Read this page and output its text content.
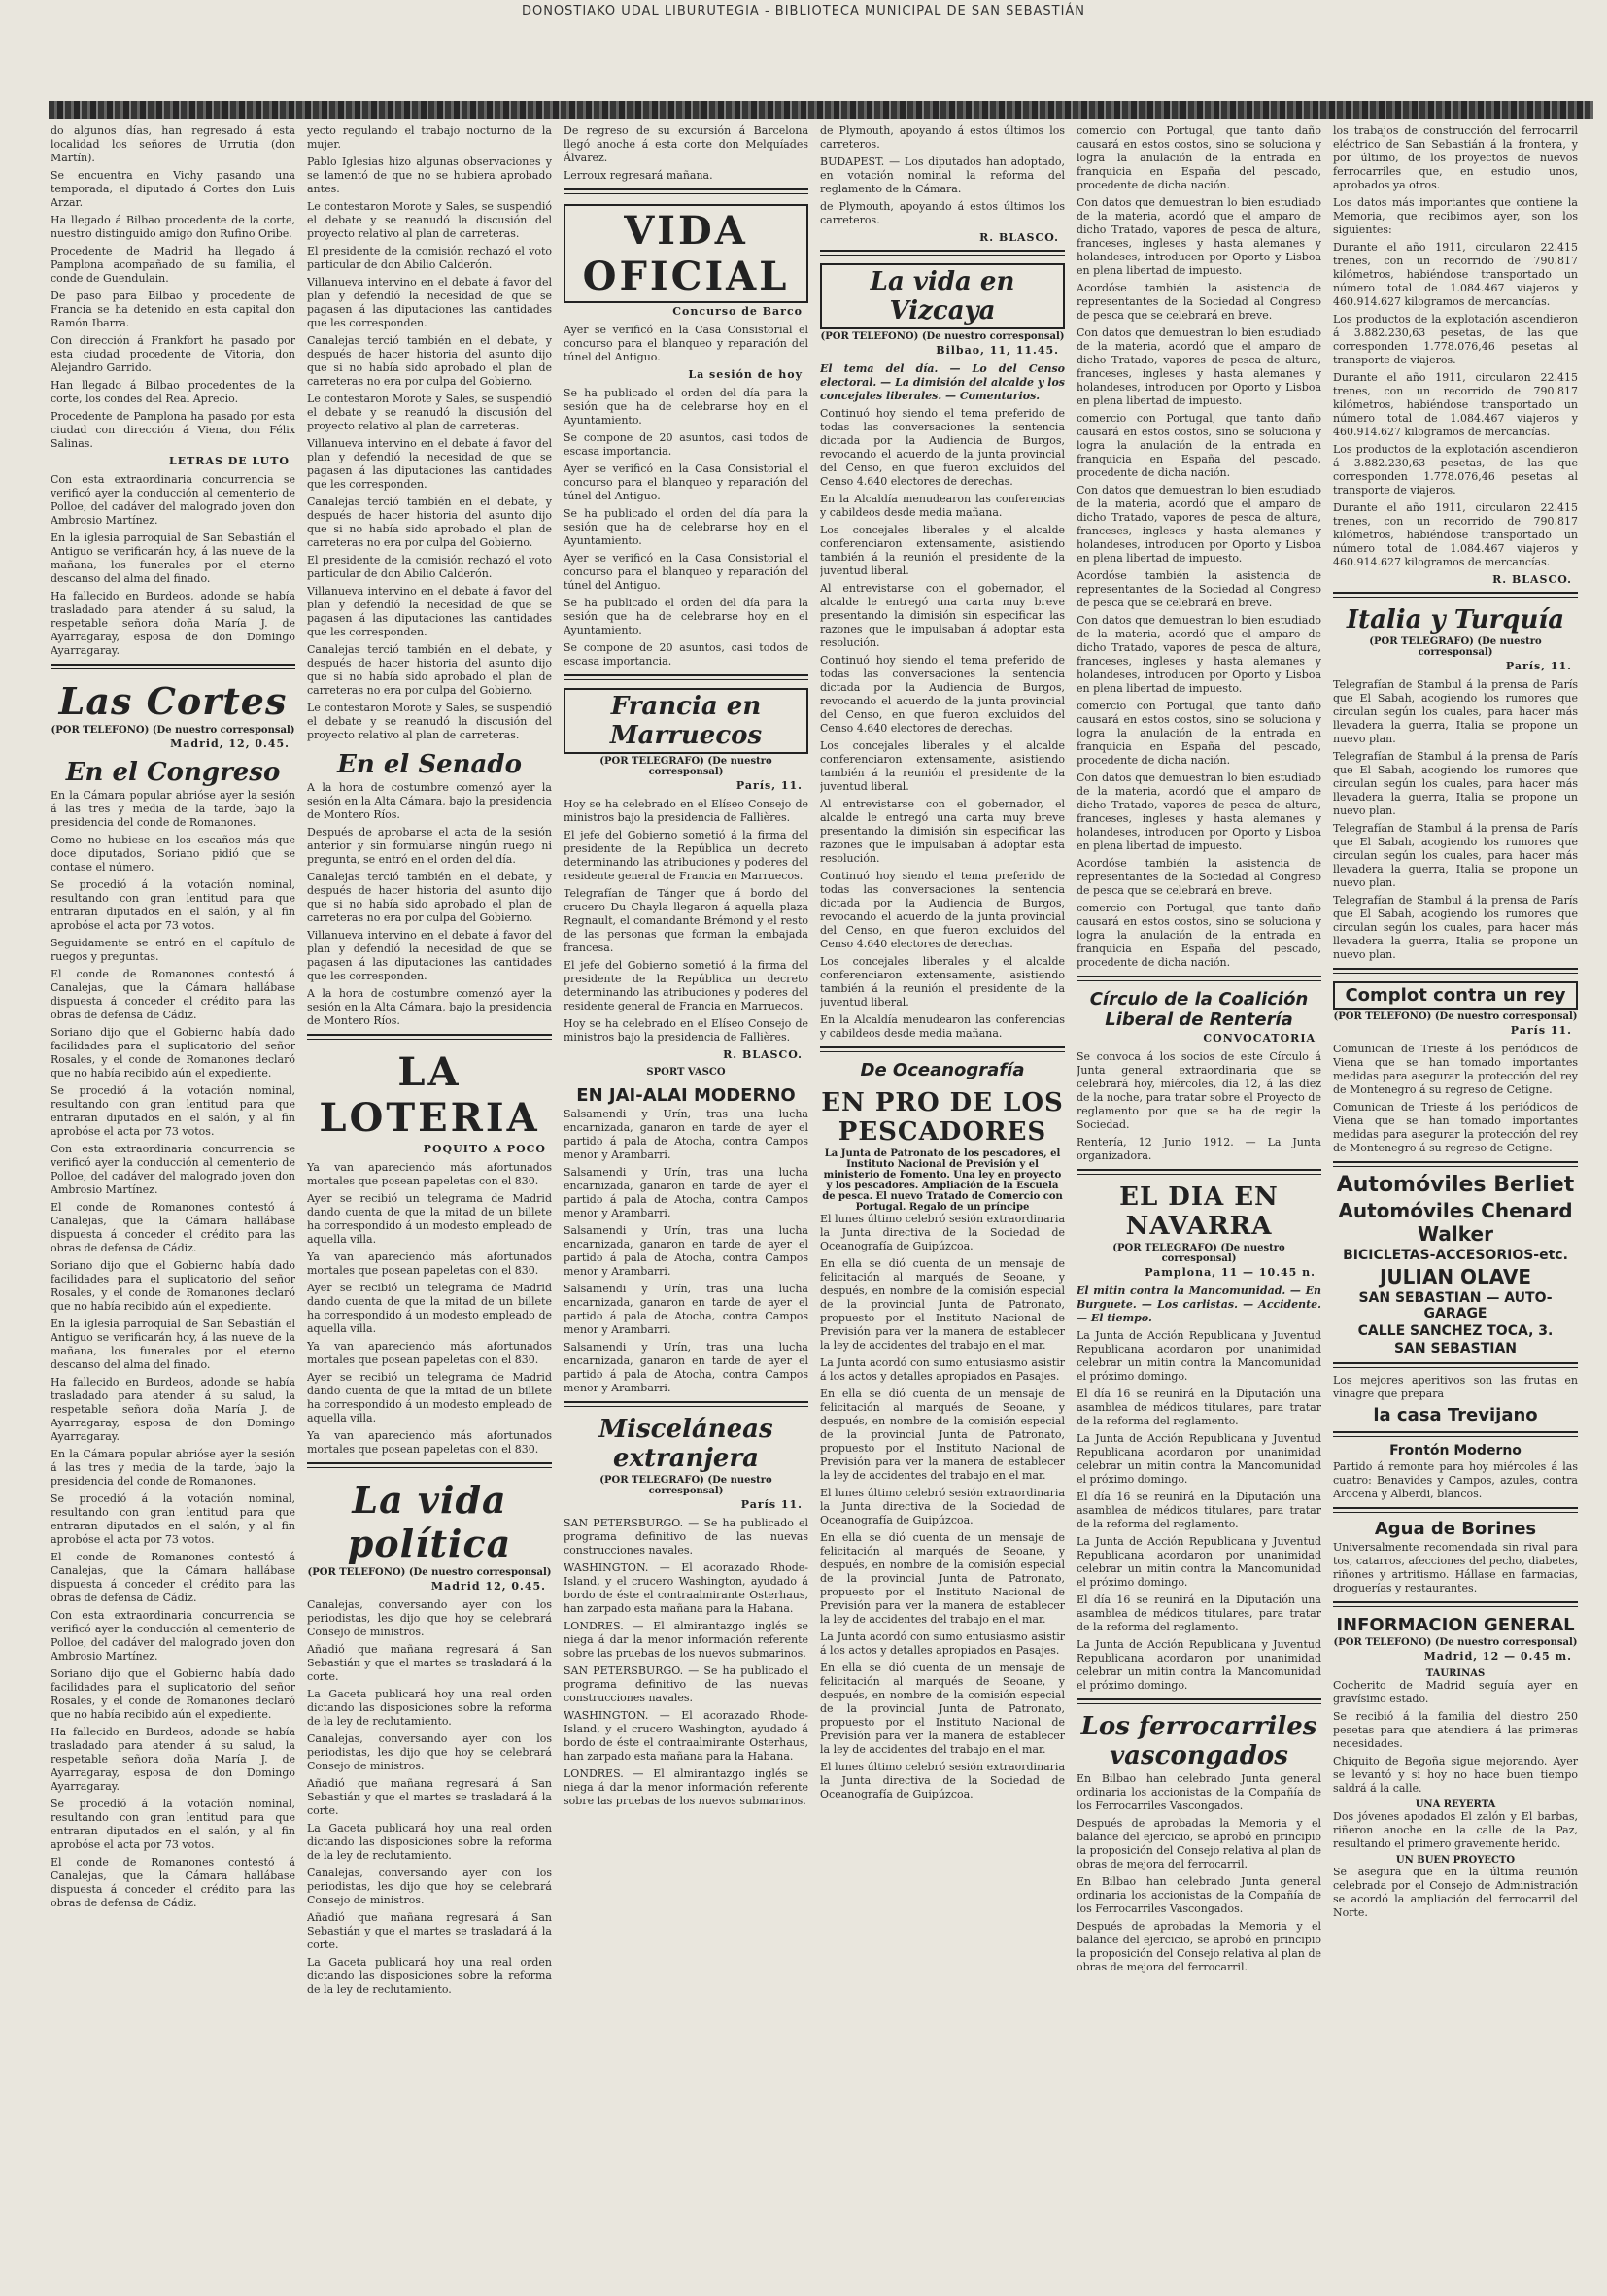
DONOSTIAKO UDAL LIBURUTEGIA - BIBLIOTECA MUNICIPAL DE SAN SEBASTIÁN

do algunos días, han regresado á esta localidad los señores de Urrutia (don Martín).

Se encuentra en Vichy pasando una temporada, el diputado á Cortes don Luis Arzar.

Ha llegado á Bilbao procedente de la corte, nuestro distinguido amigo don Rufino Oribe.

Procedente de Madrid ha llegado á Pamplona acompañado de su familia, el conde de Guendulain.

De paso para Bilbao y procedente de Francia se ha detenido en esta capital don Ramón Ibarra.

Con dirección á Frankfort ha pasado por esta ciudad procedente de Vitoria, don Alejandro Garrido.

Han llegado á Bilbao procedentes de la corte, los condes del Real Aprecio.

Procedente de Pamplona ha pasado por esta ciudad con dirección á Viena, don Félix Salinas.

LETRAS DE LUTO

Con esta extraordinaria concurrencia se verificó ayer la conducción al cementerio de Polloe, del cadáver del malogrado joven don Ambrosio Martínez.

En la iglesia parroquial de San Sebastián el Antiguo se verificarán hoy, á las nueve de la mañana, los funerales por el eterno descanso del alma del finado.

Ha fallecido en Burdeos, adonde se había trasladado para atender á su salud, la respetable señora doña María J. de Ayarragaray, esposa de don Domingo Ayarragaray.

Las Cortes

(POR TELEFONO) (De nuestro corresponsal)

Madrid, 12, 0.45.

En el Congreso

En la Cámara popular abrióse ayer la sesión á las tres y media de la tarde, bajo la presidencia del conde de Romanones.

Como no hubiese en los escaños más que doce diputados, Soriano pidió que se contase el número.

Se procedió á la votación nominal, resultando con gran lentitud para que entraran diputados en el salón, y al fin aprobóse el acta por 73 votos.

Seguidamente se entró en el capítulo de ruegos y preguntas.

El conde de Romanones contestó á Canalejas, que la Cámara hallábase dispuesta á conceder el crédito para las obras de defensa de Cádiz.

Soriano dijo que el Gobierno había dado facilidades para el suplicatorio del señor Rosales, y el conde de Romanones declaró que no había recibido aún el expediente.

Se procedió á la votación nominal, resultando con gran lentitud para que entraran diputados en el salón, y al fin aprobóse el acta por 73 votos.

Con esta extraordinaria concurrencia se verificó ayer la conducción al cementerio de Polloe, del cadáver del malogrado joven don Ambrosio Martínez.

El conde de Romanones contestó á Canalejas, que la Cámara hallábase dispuesta á conceder el crédito para las obras de defensa de Cádiz.

Soriano dijo que el Gobierno había dado facilidades para el suplicatorio del señor Rosales, y el conde de Romanones declaró que no había recibido aún el expediente.

En la iglesia parroquial de San Sebastián el Antiguo se verificarán hoy, á las nueve de la mañana, los funerales por el eterno descanso del alma del finado.

Ha fallecido en Burdeos, adonde se había trasladado para atender á su salud, la respetable señora doña María J. de Ayarragaray, esposa de don Domingo Ayarragaray.

En la Cámara popular abrióse ayer la sesión á las tres y media de la tarde, bajo la presidencia del conde de Romanones.

Se procedió á la votación nominal, resultando con gran lentitud para que entraran diputados en el salón, y al fin aprobóse el acta por 73 votos.

El conde de Romanones contestó á Canalejas, que la Cámara hallábase dispuesta á conceder el crédito para las obras de defensa de Cádiz.

Con esta extraordinaria concurrencia se verificó ayer la conducción al cementerio de Polloe, del cadáver del malogrado joven don Ambrosio Martínez.

Soriano dijo que el Gobierno había dado facilidades para el suplicatorio del señor Rosales, y el conde de Romanones declaró que no había recibido aún el expediente.

Ha fallecido en Burdeos, adonde se había trasladado para atender á su salud, la respetable señora doña María J. de Ayarragaray, esposa de don Domingo Ayarragaray.

Se procedió á la votación nominal, resultando con gran lentitud para que entraran diputados en el salón, y al fin aprobóse el acta por 73 votos.

El conde de Romanones contestó á Canalejas, que la Cámara hallábase dispuesta á conceder el crédito para las obras de defensa de Cádiz.

yecto regulando el trabajo nocturno de la mujer.

Pablo Iglesias hizo algunas observaciones y se lamentó de que no se hubiera aprobado antes.

Le contestaron Morote y Sales, se suspendió el debate y se reanudó la discusión del proyecto relativo al plan de carreteras.

El presidente de la comisión rechazó el voto particular de don Abilio Calderón.

Villanueva intervino en el debate á favor del plan y defendió la necesidad de que se pagasen á las diputaciones las cantidades que les corresponden.

Canalejas terció también en el debate, y después de hacer historia del asunto dijo que si no había sido aprobado el plan de carreteras no era por culpa del Gobierno.

Le contestaron Morote y Sales, se suspendió el debate y se reanudó la discusión del proyecto relativo al plan de carreteras.

Villanueva intervino en el debate á favor del plan y defendió la necesidad de que se pagasen á las diputaciones las cantidades que les corresponden.

Canalejas terció también en el debate, y después de hacer historia del asunto dijo que si no había sido aprobado el plan de carreteras no era por culpa del Gobierno.

El presidente de la comisión rechazó el voto particular de don Abilio Calderón.

Villanueva intervino en el debate á favor del plan y defendió la necesidad de que se pagasen á las diputaciones las cantidades que les corresponden.

Canalejas terció también en el debate, y después de hacer historia del asunto dijo que si no había sido aprobado el plan de carreteras no era por culpa del Gobierno.

Le contestaron Morote y Sales, se suspendió el debate y se reanudó la discusión del proyecto relativo al plan de carreteras.

En el Senado

A la hora de costumbre comenzó ayer la sesión en la Alta Cámara, bajo la presidencia de Montero Ríos.

Después de aprobarse el acta de la sesión anterior y sin formularse ningún ruego ni pregunta, se entró en el orden del día.

Canalejas terció también en el debate, y después de hacer historia del asunto dijo que si no había sido aprobado el plan de carreteras no era por culpa del Gobierno.

Villanueva intervino en el debate á favor del plan y defendió la necesidad de que se pagasen á las diputaciones las cantidades que les corresponden.

A la hora de costumbre comenzó ayer la sesión en la Alta Cámara, bajo la presidencia de Montero Ríos.

LA LOTERIA

POQUITO A POCO

Ya van apareciendo más afortunados mortales que posean papeletas con el 830.

Ayer se recibió un telegrama de Madrid dando cuenta de que la mitad de un billete ha correspondido á un modesto empleado de aquella villa.

Ya van apareciendo más afortunados mortales que posean papeletas con el 830.

Ayer se recibió un telegrama de Madrid dando cuenta de que la mitad de un billete ha correspondido á un modesto empleado de aquella villa.

Ya van apareciendo más afortunados mortales que posean papeletas con el 830.

Ayer se recibió un telegrama de Madrid dando cuenta de que la mitad de un billete ha correspondido á un modesto empleado de aquella villa.

Ya van apareciendo más afortunados mortales que posean papeletas con el 830.

La vida política

(POR TELEFONO) (De nuestro corresponsal)

Madrid 12, 0.45.

Canalejas, conversando ayer con los periodistas, les dijo que hoy se celebrará Consejo de ministros.

Añadió que mañana regresará á San Sebastián y que el martes se trasladará á la corte.

La Gaceta publicará hoy una real orden dictando las disposiciones sobre la reforma de la ley de reclutamiento.

Canalejas, conversando ayer con los periodistas, les dijo que hoy se celebrará Consejo de ministros.

Añadió que mañana regresará á San Sebastián y que el martes se trasladará á la corte.

La Gaceta publicará hoy una real orden dictando las disposiciones sobre la reforma de la ley de reclutamiento.

Canalejas, conversando ayer con los periodistas, les dijo que hoy se celebrará Consejo de ministros.

Añadió que mañana regresará á San Sebastián y que el martes se trasladará á la corte.

La Gaceta publicará hoy una real orden dictando las disposiciones sobre la reforma de la ley de reclutamiento.

De regreso de su excursión á Barcelona llegó anoche á esta corte don Melquíades Álvarez.

Lerroux regresará mañana.

VIDA OFICIAL

Concurso de Barco

Ayer se verificó en la Casa Consistorial el concurso para el blanqueo y reparación del túnel del Antiguo.

La sesión de hoy

Se ha publicado el orden del día para la sesión que ha de celebrarse hoy en el Ayuntamiento.

Se compone de 20 asuntos, casi todos de escasa importancia.

Ayer se verificó en la Casa Consistorial el concurso para el blanqueo y reparación del túnel del Antiguo.

Se ha publicado el orden del día para la sesión que ha de celebrarse hoy en el Ayuntamiento.

Ayer se verificó en la Casa Consistorial el concurso para el blanqueo y reparación del túnel del Antiguo.

Se ha publicado el orden del día para la sesión que ha de celebrarse hoy en el Ayuntamiento.

Se compone de 20 asuntos, casi todos de escasa importancia.

Francia en Marruecos

(POR TELEGRAFO) (De nuestro corresponsal)

París, 11.

Hoy se ha celebrado en el Elíseo Consejo de ministros bajo la presidencia de Fallières.

El jefe del Gobierno sometió á la firma del presidente de la República un decreto determinando las atribuciones y poderes del residente general de Francia en Marruecos.

Telegrafían de Tánger que á bordo del crucero Du Chayla llegaron á aquella plaza Regnault, el comandante Brémond y el resto de las personas que forman la embajada francesa.

El jefe del Gobierno sometió á la firma del presidente de la República un decreto determinando las atribuciones y poderes del residente general de Francia en Marruecos.

Hoy se ha celebrado en el Elíseo Consejo de ministros bajo la presidencia de Fallières.

R. BLASCO.

SPORT VASCO

EN JAI-ALAI MODERNO

Salsamendi y Urín, tras una lucha encarnizada, ganaron en tarde de ayer el partido á pala de Atocha, contra Campos menor y Arambarri.

Salsamendi y Urín, tras una lucha encarnizada, ganaron en tarde de ayer el partido á pala de Atocha, contra Campos menor y Arambarri.

Salsamendi y Urín, tras una lucha encarnizada, ganaron en tarde de ayer el partido á pala de Atocha, contra Campos menor y Arambarri.

Salsamendi y Urín, tras una lucha encarnizada, ganaron en tarde de ayer el partido á pala de Atocha, contra Campos menor y Arambarri.

Salsamendi y Urín, tras una lucha encarnizada, ganaron en tarde de ayer el partido á pala de Atocha, contra Campos menor y Arambarri.

Misceláneas extranjera

(POR TELEGRAFO) (De nuestro corresponsal)

París 11.

SAN PETERSBURGO. — Se ha publicado el programa definitivo de las nuevas construcciones navales.

WASHINGTON. — El acorazado Rhode-Island, y el crucero Washington, ayudado á bordo de éste el contraalmirante Osterhaus, han zarpado esta mañana para la Habana.

LONDRES. — El almirantazgo inglés se niega á dar la menor información referente sobre las pruebas de los nuevos submarinos.

SAN PETERSBURGO. — Se ha publicado el programa definitivo de las nuevas construcciones navales.

WASHINGTON. — El acorazado Rhode-Island, y el crucero Washington, ayudado á bordo de éste el contraalmirante Osterhaus, han zarpado esta mañana para la Habana.

LONDRES. — El almirantazgo inglés se niega á dar la menor información referente sobre las pruebas de los nuevos submarinos.

de Plymouth, apoyando á estos últimos los carreteros.

BUDAPEST. — Los diputados han adoptado, en votación nominal la reforma del reglamento de la Cámara.

de Plymouth, apoyando á estos últimos los carreteros.

R. BLASCO.

La vida en Vizcaya

(POR TELEFONO) (De nuestro corresponsal)

Bilbao, 11, 11.45.

El tema del día. — Lo del Censo electoral. — La dimisión del alcalde y los concejales liberales. — Comentarios.

Continuó hoy siendo el tema preferido de todas las conversaciones la sentencia dictada por la Audiencia de Burgos, revocando el acuerdo de la junta provincial del Censo, en que fueron excluidos del Censo 4.640 electores de derechas.

En la Alcaldía menudearon las conferencias y cabildeos desde media mañana.

Los concejales liberales y el alcalde conferenciaron extensamente, asistiendo también á la reunión el presidente de la juventud liberal.

Al entrevistarse con el gobernador, el alcalde le entregó una carta muy breve presentando la dimisión sin especificar las razones que le impulsaban á adoptar esta resolución.

Continuó hoy siendo el tema preferido de todas las conversaciones la sentencia dictada por la Audiencia de Burgos, revocando el acuerdo de la junta provincial del Censo, en que fueron excluidos del Censo 4.640 electores de derechas.

Los concejales liberales y el alcalde conferenciaron extensamente, asistiendo también á la reunión el presidente de la juventud liberal.

Al entrevistarse con el gobernador, el alcalde le entregó una carta muy breve presentando la dimisión sin especificar las razones que le impulsaban á adoptar esta resolución.

Continuó hoy siendo el tema preferido de todas las conversaciones la sentencia dictada por la Audiencia de Burgos, revocando el acuerdo de la junta provincial del Censo, en que fueron excluidos del Censo 4.640 electores de derechas.

Los concejales liberales y el alcalde conferenciaron extensamente, asistiendo también á la reunión el presidente de la juventud liberal.

En la Alcaldía menudearon las conferencias y cabildeos desde media mañana.

De Oceanografía
EN PRO DE LOS PESCADORES

La Junta de Patronato de los pescadores, el Instituto Nacional de Previsión y el ministerio de Fomento. Una ley en proyecto y los pescadores. Ampliación de la Escuela de pesca. El nuevo Tratado de Comercio con Portugal. Regalo de un príncipe

El lunes último celebró sesión extraordinaria la Junta directiva de la Sociedad de Oceanografía de Guipúzcoa.

En ella se dió cuenta de un mensaje de felicitación al marqués de Seoane, y después, en nombre de la comisión especial de la provincial Junta de Patronato, propuesto por el Instituto Nacional de Previsión para ver la manera de establecer la ley de accidentes del trabajo en el mar.

La Junta acordó con sumo entusiasmo asistir á los actos y detalles apropiados en Pasajes.

En ella se dió cuenta de un mensaje de felicitación al marqués de Seoane, y después, en nombre de la comisión especial de la provincial Junta de Patronato, propuesto por el Instituto Nacional de Previsión para ver la manera de establecer la ley de accidentes del trabajo en el mar.

El lunes último celebró sesión extraordinaria la Junta directiva de la Sociedad de Oceanografía de Guipúzcoa.

En ella se dió cuenta de un mensaje de felicitación al marqués de Seoane, y después, en nombre de la comisión especial de la provincial Junta de Patronato, propuesto por el Instituto Nacional de Previsión para ver la manera de establecer la ley de accidentes del trabajo en el mar.

La Junta acordó con sumo entusiasmo asistir á los actos y detalles apropiados en Pasajes.

En ella se dió cuenta de un mensaje de felicitación al marqués de Seoane, y después, en nombre de la comisión especial de la provincial Junta de Patronato, propuesto por el Instituto Nacional de Previsión para ver la manera de establecer la ley de accidentes del trabajo en el mar.

El lunes último celebró sesión extraordinaria la Junta directiva de la Sociedad de Oceanografía de Guipúzcoa.

comercio con Portugal, que tanto daño causará en estos costos, sino se soluciona y logra la anulación de la entrada en franquicia en España del pescado, procedente de dicha nación.

Con datos que demuestran lo bien estudiado de la materia, acordó que el amparo de dicho Tratado, vapores de pesca de altura, franceses, ingleses y hasta alemanes y holandeses, introducen por Oporto y Lisboa en plena libertad de impuesto.

Acordóse también la asistencia de representantes de la Sociedad al Congreso de pesca que se celebrará en breve.

Con datos que demuestran lo bien estudiado de la materia, acordó que el amparo de dicho Tratado, vapores de pesca de altura, franceses, ingleses y hasta alemanes y holandeses, introducen por Oporto y Lisboa en plena libertad de impuesto.

comercio con Portugal, que tanto daño causará en estos costos, sino se soluciona y logra la anulación de la entrada en franquicia en España del pescado, procedente de dicha nación.

Con datos que demuestran lo bien estudiado de la materia, acordó que el amparo de dicho Tratado, vapores de pesca de altura, franceses, ingleses y hasta alemanes y holandeses, introducen por Oporto y Lisboa en plena libertad de impuesto.

Acordóse también la asistencia de representantes de la Sociedad al Congreso de pesca que se celebrará en breve.

Con datos que demuestran lo bien estudiado de la materia, acordó que el amparo de dicho Tratado, vapores de pesca de altura, franceses, ingleses y hasta alemanes y holandeses, introducen por Oporto y Lisboa en plena libertad de impuesto.

comercio con Portugal, que tanto daño causará en estos costos, sino se soluciona y logra la anulación de la entrada en franquicia en España del pescado, procedente de dicha nación.

Con datos que demuestran lo bien estudiado de la materia, acordó que el amparo de dicho Tratado, vapores de pesca de altura, franceses, ingleses y hasta alemanes y holandeses, introducen por Oporto y Lisboa en plena libertad de impuesto.

Acordóse también la asistencia de representantes de la Sociedad al Congreso de pesca que se celebrará en breve.

comercio con Portugal, que tanto daño causará en estos costos, sino se soluciona y logra la anulación de la entrada en franquicia en España del pescado, procedente de dicha nación.

Círculo de la Coalición Liberal de Rentería

CONVOCATORIA

Se convoca á los socios de este Círculo á Junta general extraordinaria que se celebrará hoy, miércoles, día 12, á las diez de la noche, para tratar sobre el Proyecto de reglamento por que se ha de regir la Sociedad.

Rentería, 12 Junio 1912. — La Junta organizadora.

EL DIA EN NAVARRA

(POR TELEGRAFO) (De nuestro corresponsal)

Pamplona, 11 — 10.45 n.

El mitin contra la Mancomunidad. — En Burguete. — Los carlistas. — Accidente. — El tiempo.

La Junta de Acción Republicana y Juventud Republicana acordaron por unanimidad celebrar un mitin contra la Mancomunidad el próximo domingo.

El día 16 se reunirá en la Diputación una asamblea de médicos titulares, para tratar de la reforma del reglamento.

La Junta de Acción Republicana y Juventud Republicana acordaron por unanimidad celebrar un mitin contra la Mancomunidad el próximo domingo.

El día 16 se reunirá en la Diputación una asamblea de médicos titulares, para tratar de la reforma del reglamento.

La Junta de Acción Republicana y Juventud Republicana acordaron por unanimidad celebrar un mitin contra la Mancomunidad el próximo domingo.

El día 16 se reunirá en la Diputación una asamblea de médicos titulares, para tratar de la reforma del reglamento.

La Junta de Acción Republicana y Juventud Republicana acordaron por unanimidad celebrar un mitin contra la Mancomunidad el próximo domingo.

Los ferrocarriles vascongados

En Bilbao han celebrado Junta general ordinaria los accionistas de la Compañía de los Ferrocarriles Vascongados.

Después de aprobadas la Memoria y el balance del ejercicio, se aprobó en principio la proposición del Consejo relativa al plan de obras de mejora del ferrocarril.

En Bilbao han celebrado Junta general ordinaria los accionistas de la Compañía de los Ferrocarriles Vascongados.

Después de aprobadas la Memoria y el balance del ejercicio, se aprobó en principio la proposición del Consejo relativa al plan de obras de mejora del ferrocarril.

los trabajos de construcción del ferrocarril eléctrico de San Sebastián á la frontera, y por último, de los proyectos de nuevos ferrocarriles que, en estudio unos, aprobados ya otros.

Los datos más importantes que contiene la Memoria, que recibimos ayer, son los siguientes:

Durante el año 1911, circularon 22.415 trenes, con un recorrido de 790.817 kilómetros, habiéndose transportado un número total de 1.084.467 viajeros y 460.914.627 kilogramos de mercancías.

Los productos de la explotación ascendieron á 3.882.230,63 pesetas, de las que corresponden 1.778.076,46 pesetas al transporte de viajeros.

Durante el año 1911, circularon 22.415 trenes, con un recorrido de 790.817 kilómetros, habiéndose transportado un número total de 1.084.467 viajeros y 460.914.627 kilogramos de mercancías.

Los productos de la explotación ascendieron á 3.882.230,63 pesetas, de las que corresponden 1.778.076,46 pesetas al transporte de viajeros.

Durante el año 1911, circularon 22.415 trenes, con un recorrido de 790.817 kilómetros, habiéndose transportado un número total de 1.084.467 viajeros y 460.914.627 kilogramos de mercancías.

R. BLASCO.

Italia y Turquía

(POR TELEGRAFO) (De nuestro corresponsal)

París, 11.

Telegrafían de Stambul á la prensa de París que El Sabah, acogiendo los rumores que circulan según los cuales, para hacer más llevadera la guerra, Italia se propone un nuevo plan.

Telegrafían de Stambul á la prensa de París que El Sabah, acogiendo los rumores que circulan según los cuales, para hacer más llevadera la guerra, Italia se propone un nuevo plan.

Telegrafían de Stambul á la prensa de París que El Sabah, acogiendo los rumores que circulan según los cuales, para hacer más llevadera la guerra, Italia se propone un nuevo plan.

Telegrafían de Stambul á la prensa de París que El Sabah, acogiendo los rumores que circulan según los cuales, para hacer más llevadera la guerra, Italia se propone un nuevo plan.

Complot contra un rey

(POR TELEFONO) (De nuestro corresponsal)

París 11.

Comunican de Trieste á los periódicos de Viena que se han tomado importantes medidas para asegurar la protección del rey de Montenegro á su regreso de Cetigne.

Comunican de Trieste á los periódicos de Viena que se han tomado importantes medidas para asegurar la protección del rey de Montenegro á su regreso de Cetigne.

Automóviles Berliet
Automóviles Chenard Walker
BICICLETAS-ACCESORIOS-etc.
JULIAN OLAVE
SAN SEBASTIAN — AUTO-GARAGE
CALLE SANCHEZ TOCA, 3.
SAN SEBASTIAN

Los mejores aperitivos son las frutas en vinagre que prepara

la casa Trevijano
Frontón Moderno

Partido á remonte para hoy miércoles á las cuatro: Benavides y Campos, azules, contra Arocena y Alberdi, blancos.

Agua de Borines

Universalmente recomendada sin rival para tos, catarros, afecciones del pecho, diabetes, riñones y artritismo. Hállase en farmacias, droguerías y restaurantes.

INFORMACION GENERAL

(POR TELEFONO) (De nuestro corresponsal)

Madrid, 12 — 0.45 m.

TAURINAS

Cocherito de Madrid seguía ayer en gravísimo estado.

Se recibió á la familia del diestro 250 pesetas para que atendiera á las primeras necesidades.

Chiquito de Begoña sigue mejorando. Ayer se levantó y si hoy no hace buen tiempo saldrá á la calle.

UNA REYERTA

Dos jóvenes apodados El zalón y El barbas, riñeron anoche en la calle de la Paz, resultando el primero gravemente herido.

UN BUEN PROYECTO

Se asegura que en la última reunión celebrada por el Consejo de Administración se acordó la ampliación del ferrocarril del Norte.
